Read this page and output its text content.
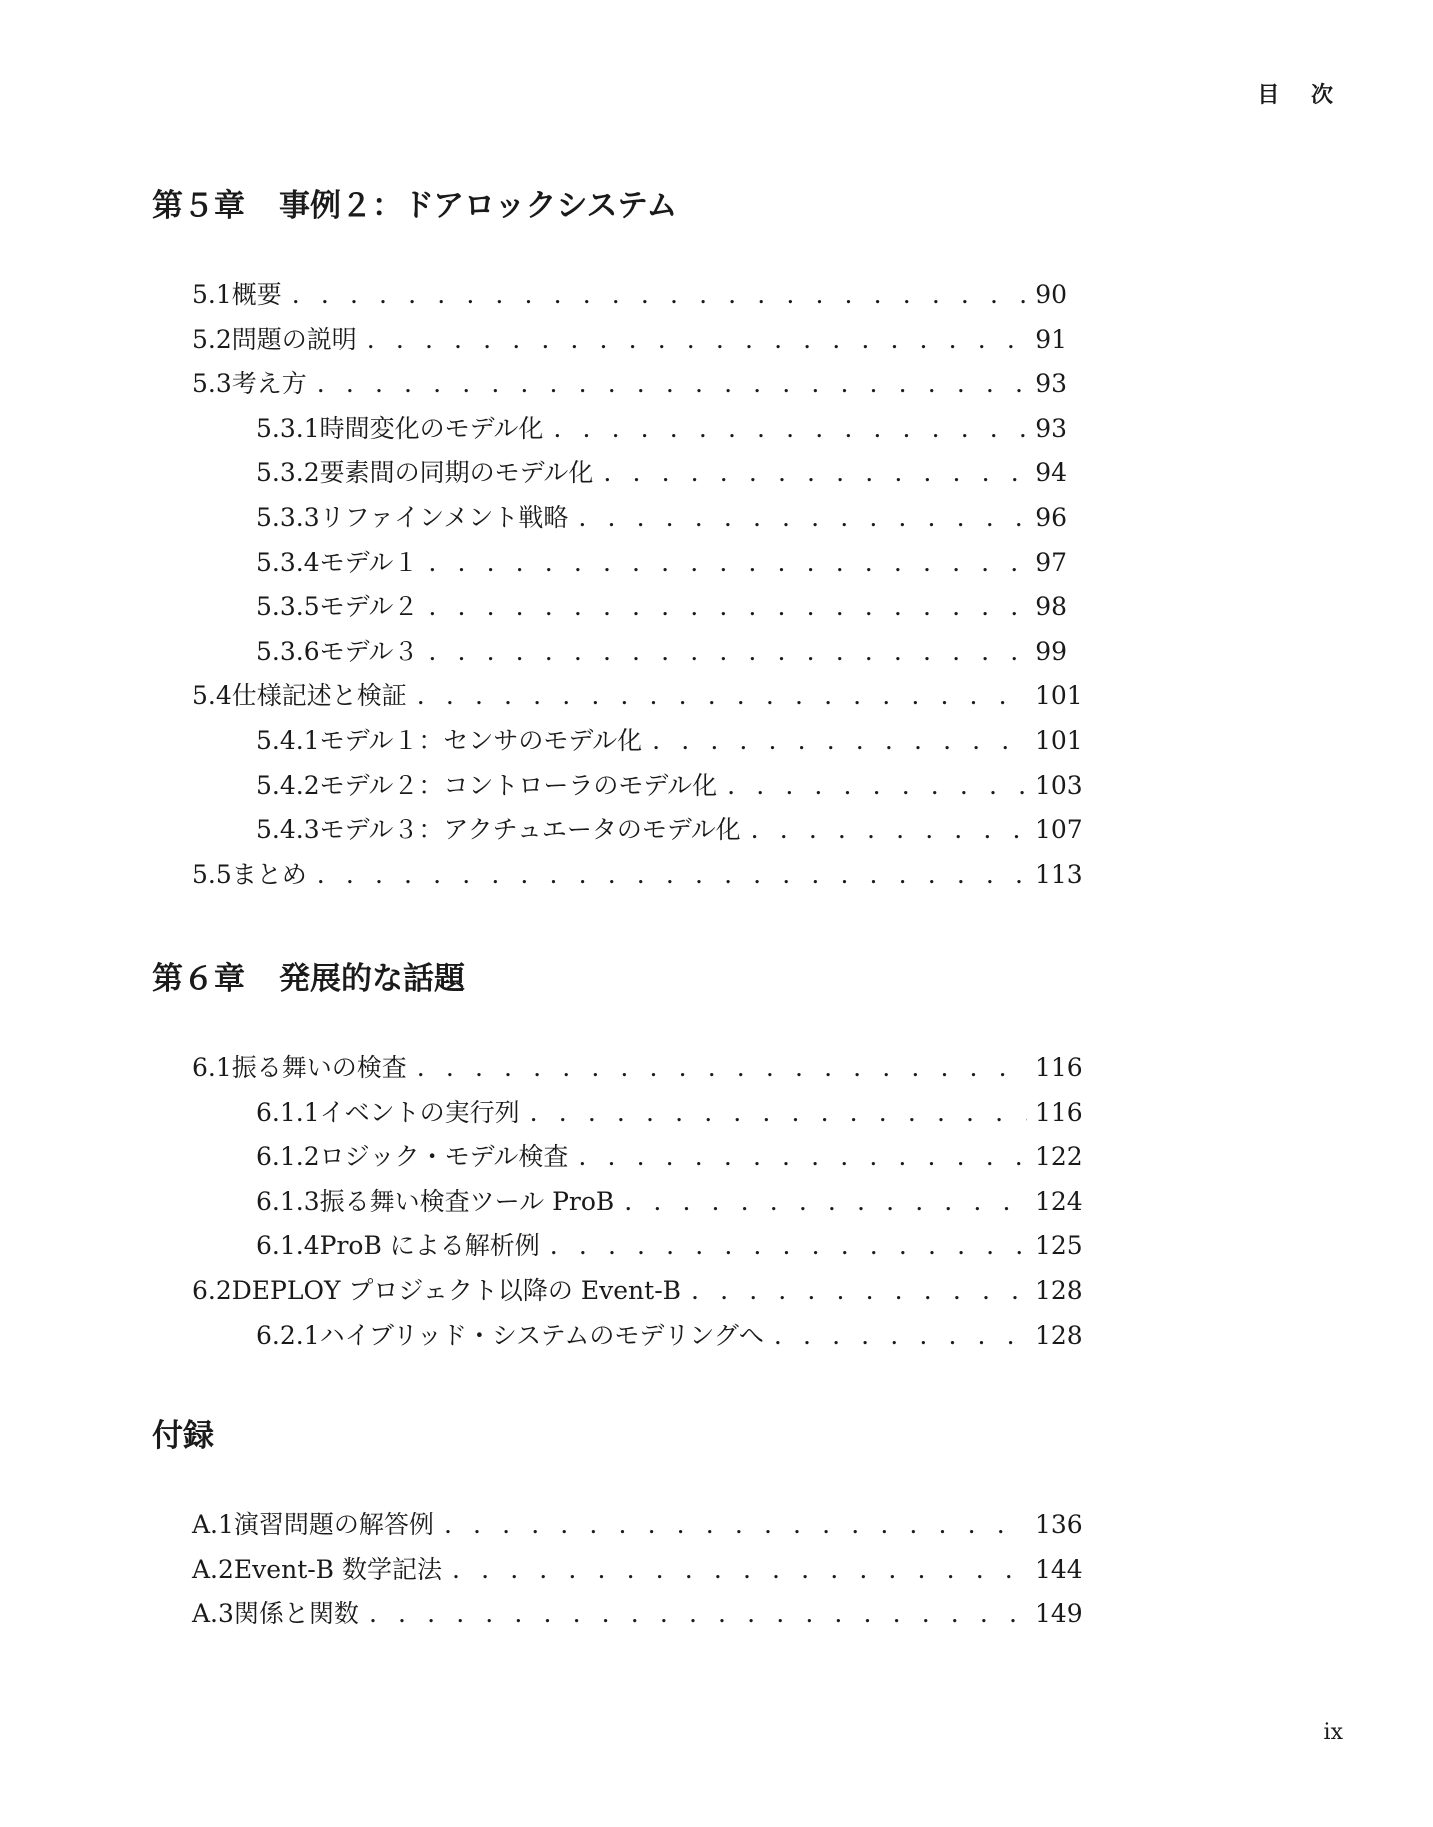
目 次
第５章 事例２：ドアロックシステム
5.1 概要 . . .	90
5.2 問題の説明 . . .	91
5.3 考え方 . . .	93
5.3.1 時間変化のモデル化 . . .	93
5.3.2 要素間の同期のモデル化 . . .	94
5.3.3 リファインメント戦略 . . .	96
5.3.4 モデル１ . . .	97
5.3.5 モデル２ . . .	98
5.3.6 モデル３ . . .	99
5.4 仕様記述と検証 . . .	101
5.4.1 モデル１：センサのモデル化 . . .	101
5.4.2 モデル２：コントローラのモデル化 . . .	103
5.4.3 モデル３：アクチュエータのモデル化 . . .	107
5.5 まとめ . . .	113
第６章 発展的な話題
6.1 振る舞いの検査 . . .	116
6.1.1 イベントの実行列 . . .	116
6.1.2 ロジック・モデル検査 . . .	122
6.1.3 振る舞い検査ツール ProB . . .	124
6.1.4 ProB による解析例 . . .	125
6.2 DEPLOY プロジェクト以降の Event-B . . .	128
6.2.1 ハイブリッド・システムのモデリングへ . . .	128
付録
A.1 演習問題の解答例 . . .	136
A.2 Event-B 数学記法 . . .	144
A.3 関係と関数 . . .	149
ix
